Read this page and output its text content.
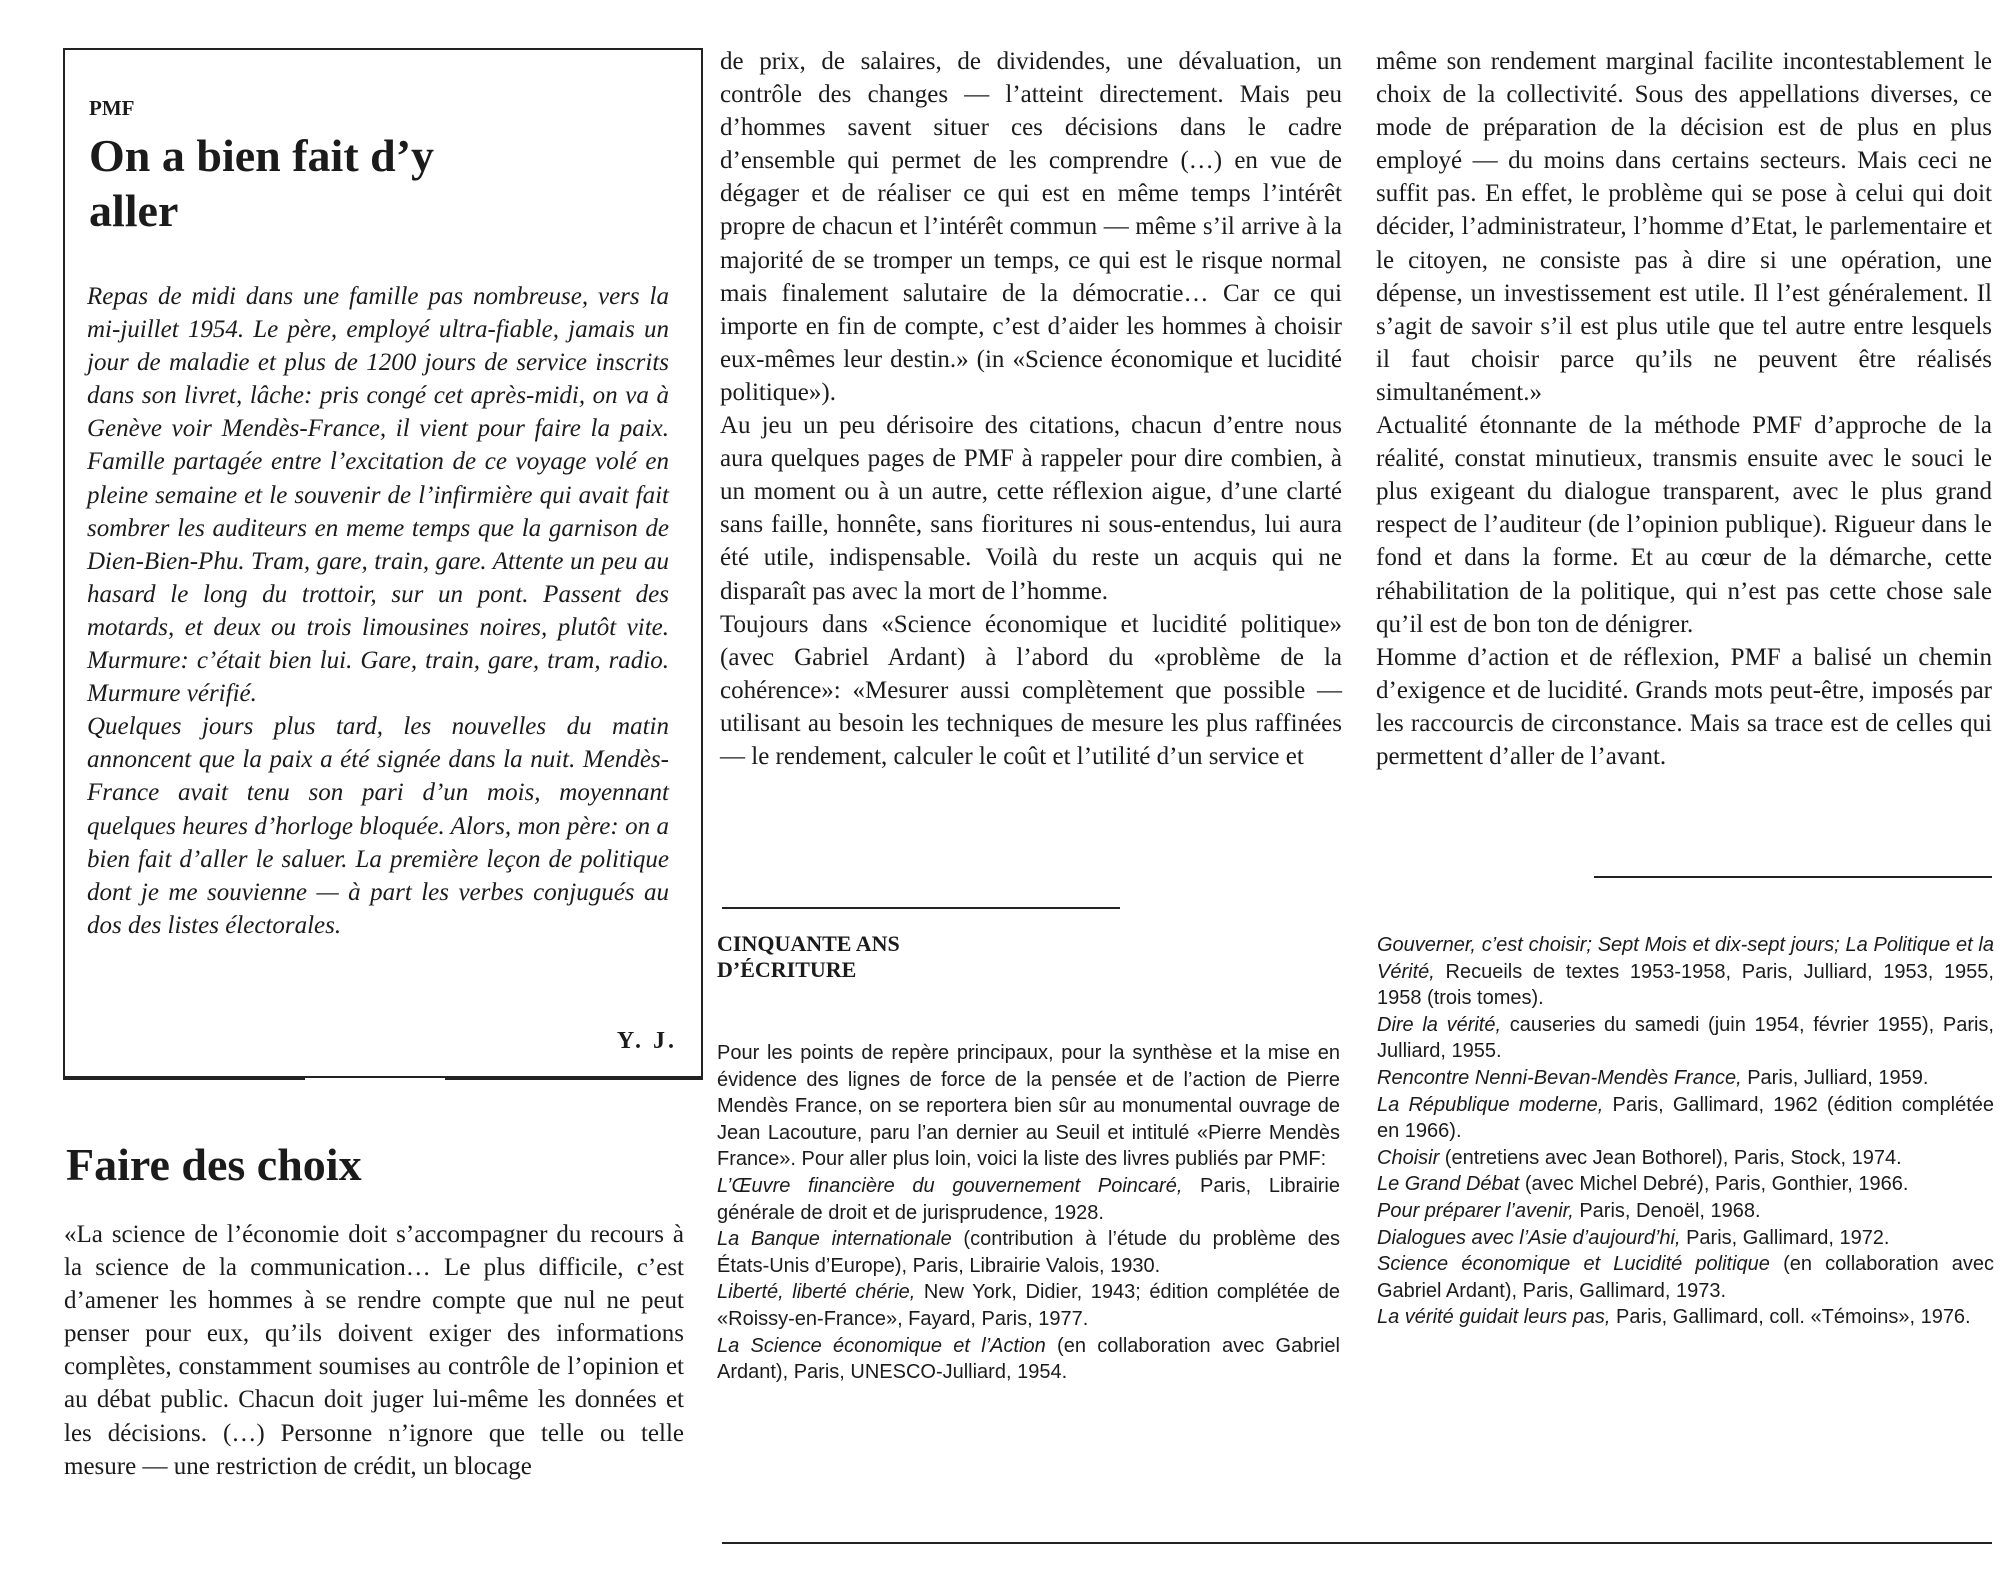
PMF
On a bien fait d’y aller

Repas de midi dans une famille pas nombreuse, vers la mi-juillet 1954. Le père, employé ultra-fiable, jamais un jour de maladie et plus de 1200 jours de service inscrits dans son livret, lâche: pris congé cet après-midi, on va à Genève voir Mendès-France, il vient pour faire la paix. Famille partagée entre l’excitation de ce voyage volé en pleine semaine et le souvenir de l’infirmière qui avait fait sombrer les auditeurs en meme temps que la garnison de Dien-Bien-Phu. Tram, gare, train, gare. Attente un peu au hasard le long du trottoir, sur un pont. Passent des motards, et deux ou trois limousines noires, plutôt vite. Murmure: c’était bien lui. Gare, train, gare, tram, radio. Murmure vérifié.

Quelques jours plus tard, les nouvelles du matin annoncent que la paix a été signée dans la nuit. Mendès-France avait tenu son pari d’un mois, moyennant quelques heures d’horloge bloquée. Alors, mon père: on a bien fait d’aller le saluer. La première leçon de politique dont je me souvienne — à part les verbes conjugués au dos des listes électorales.

Y. J.
Faire des choix

«La science de l’économie doit s’accompagner du recours à la science de la communication… Le plus difficile, c’est d’amener les hommes à se rendre compte que nul ne peut penser pour eux, qu’ils doivent exiger des informations complètes, constamment soumises au contrôle de l’opinion et au débat public. Chacun doit juger lui-même les données et les décisions. (…) Personne n’ignore que telle ou telle mesure — une restriction de crédit, un blocage

de prix, de salaires, de dividendes, une dévaluation, un contrôle des changes — l’atteint directement. Mais peu d’hommes savent situer ces décisions dans le cadre d’ensemble qui permet de les comprendre (…) en vue de dégager et de réaliser ce qui est en même temps l’intérêt propre de chacun et l’intérêt commun — même s’il arrive à la majorité de se tromper un temps, ce qui est le risque normal mais finalement salutaire de la démocratie… Car ce qui importe en fin de compte, c’est d’aider les hommes à choisir eux-mêmes leur destin.» (in «Science économique et lucidité politique»).

Au jeu un peu dérisoire des citations, chacun d’entre nous aura quelques pages de PMF à rappeler pour dire combien, à un moment ou à un autre, cette réflexion aigue, d’une clarté sans faille, honnête, sans fioritures ni sous-entendus, lui aura été utile, indispensable. Voilà du reste un acquis qui ne disparaît pas avec la mort de l’homme.

Toujours dans «Science économique et lucidité politique» (avec Gabriel Ardant) à l’abord du «problème de la cohérence»: «Mesurer aussi complètement que possible — utilisant au besoin les techniques de mesure les plus raffinées — le rendement, calculer le coût et l’utilité d’un service et

même son rendement marginal facilite incontestablement le choix de la collectivité. Sous des appellations diverses, ce mode de préparation de la décision est de plus en plus employé — du moins dans certains secteurs. Mais ceci ne suffit pas. En effet, le problème qui se pose à celui qui doit décider, l’administrateur, l’homme d’Etat, le parlementaire et le citoyen, ne consiste pas à dire si une opération, une dépense, un investissement est utile. Il l’est généralement. Il s’agit de savoir s’il est plus utile que tel autre entre lesquels il faut choisir parce qu’ils ne peuvent être réalisés simultanément.»

Actualité étonnante de la méthode PMF d’approche de la réalité, constat minutieux, transmis ensuite avec le souci le plus exigeant du dialogue transparent, avec le plus grand respect de l’auditeur (de l’opinion publique). Rigueur dans le fond et dans la forme. Et au cœur de la démarche, cette réhabilitation de la politique, qui n’est pas cette chose sale qu’il est de bon ton de dénigrer.

Homme d’action et de réflexion, PMF a balisé un chemin d’exigence et de lucidité. Grands mots peut-être, imposés par les raccourcis de circonstance. Mais sa trace est de celles qui permettent d’aller de l’avant.

CINQUANTE ANS
D’ÉCRITURE

Pour les points de repère principaux, pour la synthèse et la mise en évidence des lignes de force de la pensée et de l’action de Pierre Mendès France, on se reportera bien sûr au monumental ouvrage de Jean Lacouture, paru l’an dernier au Seuil et intitulé «Pierre Mendès France». Pour aller plus loin, voici la liste des livres publiés par PMF:

L’Œuvre financière du gouvernement Poincaré, Paris, Librairie générale de droit et de jurisprudence, 1928.

La Banque internationale (contribution à l’étude du problème des États-Unis d’Europe), Paris, Librairie Valois, 1930.

Liberté, liberté chérie, New York, Didier, 1943; édition complétée de «Roissy-en-France», Fayard, Paris, 1977.

La Science économique et l’Action (en collaboration avec Gabriel Ardant), Paris, UNESCO-Julliard, 1954.

Gouverner, c’est choisir; Sept Mois et dix-sept jours; La Politique et la Vérité, Recueils de textes 1953-1958, Paris, Julliard, 1953, 1955, 1958 (trois tomes).

Dire la vérité, causeries du samedi (juin 1954, février 1955), Paris, Julliard, 1955.

Rencontre Nenni-Bevan-Mendès France, Paris, Julliard, 1959.

La République moderne, Paris, Gallimard, 1962 (édition complétée en 1966).

Choisir (entretiens avec Jean Bothorel), Paris, Stock, 1974.

Le Grand Débat (avec Michel Debré), Paris, Gonthier, 1966.

Pour préparer l’avenir, Paris, Denoël, 1968.

Dialogues avec l’Asie d’aujourd’hi, Paris, Gallimard, 1972.

Science économique et Lucidité politique (en collaboration avec Gabriel Ardant), Paris, Gallimard, 1973.

La vérité guidait leurs pas, Paris, Gallimard, coll. «Témoins», 1976.
